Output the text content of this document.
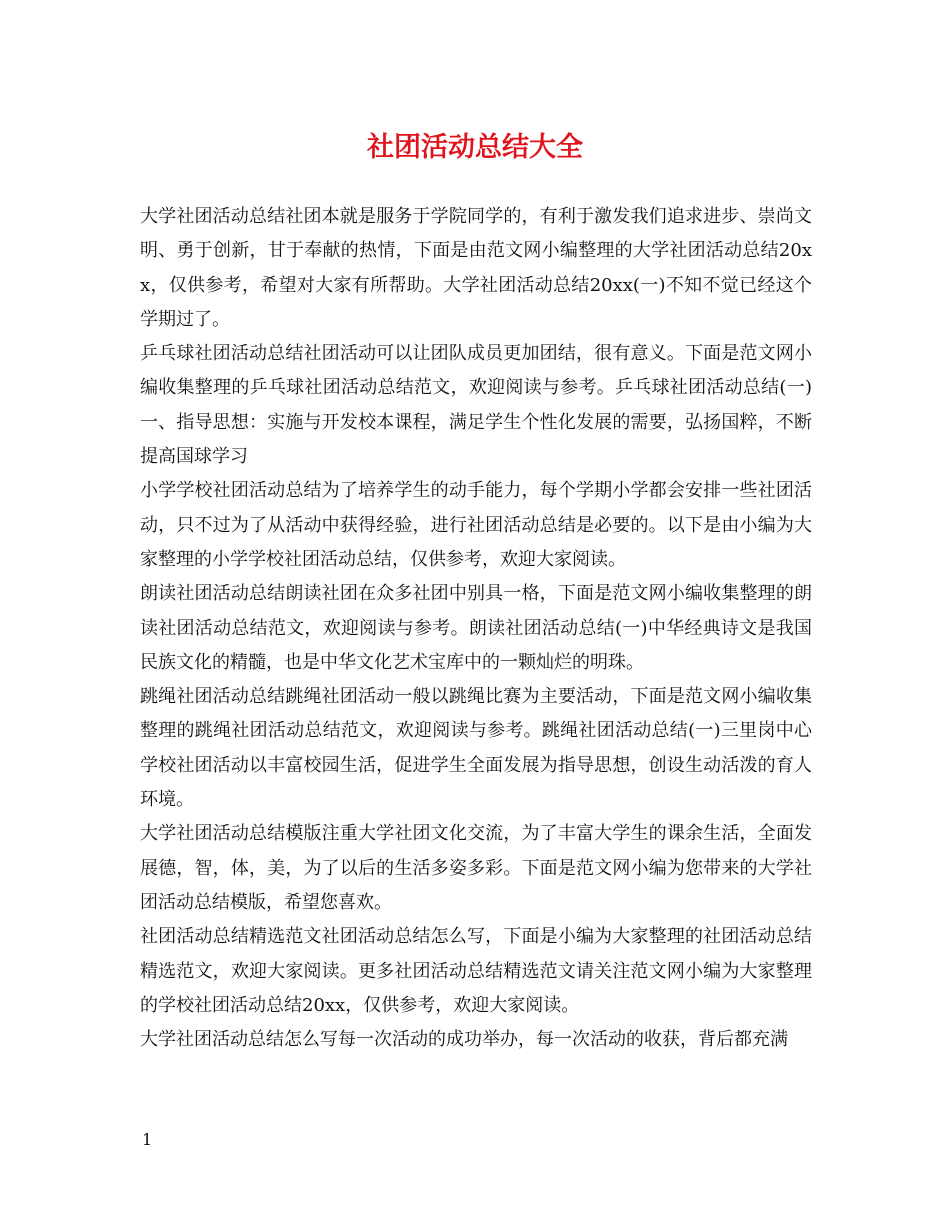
社团活动总结大全

大学社团活动总结社团本就是服务于学院同学的，有利于激发我们追求进步、崇尚文明、勇于创新，甘于奉献的热情，下面是由范文网小编整理的大学社团活动总结20xx，仅供参考，希望对大家有所帮助。大学社团活动总结20xx(一)不知不觉已经这个学期过了。

乒乓球社团活动总结社团活动可以让团队成员更加团结，很有意义。下面是范文网小编收集整理的乒乓球社团活动总结范文，欢迎阅读与参考。乒乓球社团活动总结(一)一、指导思想：实施与开发校本课程，满足学生个性化发展的需要，弘扬国粹，不断提高国球学习

小学学校社团活动总结为了培养学生的动手能力，每个学期小学都会安排一些社团活动，只不过为了从活动中获得经验，进行社团活动总结是必要的。以下是由小编为大家整理的小学学校社团活动总结，仅供参考，欢迎大家阅读。

朗读社团活动总结朗读社团在众多社团中别具一格，下面是范文网小编收集整理的朗读社团活动总结范文，欢迎阅读与参考。朗读社团活动总结(一)中华经典诗文是我国民族文化的精髓，也是中华文化艺术宝库中的一颗灿烂的明珠。

跳绳社团活动总结跳绳社团活动一般以跳绳比赛为主要活动，下面是范文网小编收集整理的跳绳社团活动总结范文，欢迎阅读与参考。跳绳社团活动总结(一)三里岗中心学校社团活动以丰富校园生活，促进学生全面发展为指导思想，创设生动活泼的育人环境。

大学社团活动总结模版注重大学社团文化交流，为了丰富大学生的课余生活，全面发展德，智，体，美，为了以后的生活多姿多彩。下面是范文网小编为您带来的大学社团活动总结模版，希望您喜欢。

社团活动总结精选范文社团活动总结怎么写，下面是小编为大家整理的社团活动总结精选范文，欢迎大家阅读。更多社团活动总结精选范文请关注范文网小编为大家整理的学校社团活动总结20xx，仅供参考，欢迎大家阅读。

大学社团活动总结怎么写每一次活动的成功举办，每一次活动的收获，背后都充满

1
